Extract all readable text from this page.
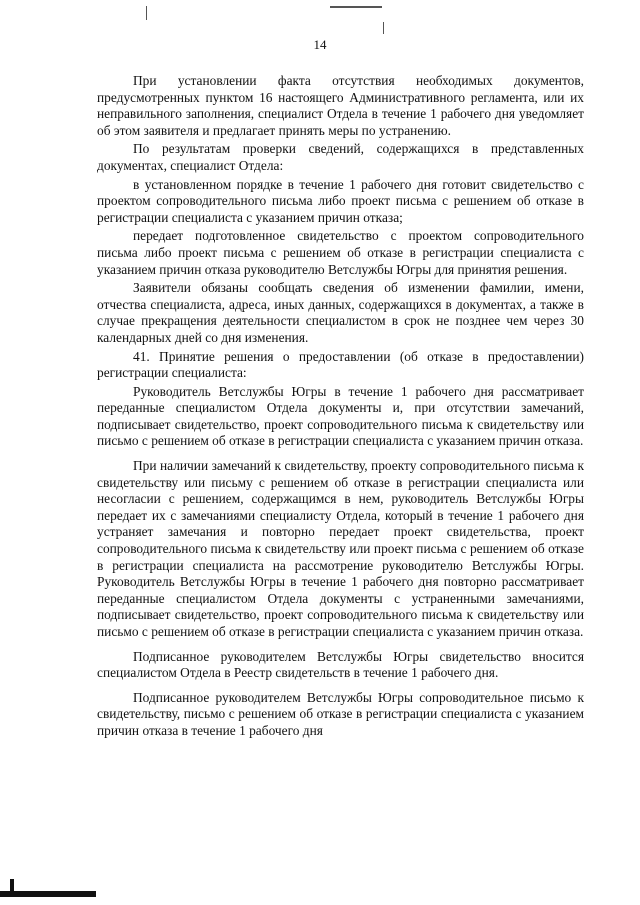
14

При установлении факта отсутствия необходимых документов, предусмотренных пунктом 16 настоящего Административного регламента, или их неправильного заполнения, специалист Отдела в течение 1 рабочего дня уведомляет об этом заявителя и предлагает принять меры по устранению.

По результатам проверки сведений, содержащихся в представленных документах, специалист Отдела:

в установленном порядке в течение 1 рабочего дня готовит свидетельство с проектом сопроводительного письма либо проект письма с решением об отказе в регистрации специалиста с указанием причин отказа;

передает подготовленное свидетельство с проектом сопроводительного письма либо проект письма с решением об отказе в регистрации специалиста с указанием причин отказа руководителю Ветслужбы Югры для принятия решения.

Заявители обязаны сообщать сведения об изменении фамилии, имени, отчества специалиста, адреса, иных данных, содержащихся в документах, а также в случае прекращения деятельности специалистом в срок не позднее чем через 30 календарных дней со дня изменения.

41. Принятие решения о предоставлении (об отказе в предоставлении) регистрации специалиста:

Руководитель Ветслужбы Югры в течение 1 рабочего дня рассматривает переданные специалистом Отдела документы и, при отсутствии замечаний, подписывает свидетельство, проект сопроводительного письма к свидетельству или письмо с решением об отказе в регистрации специалиста с указанием причин отказа.

При наличии замечаний к свидетельству, проекту сопроводительного письма к свидетельству или письму с решением об отказе в регистрации специалиста или несогласии с решением, содержащимся в нем, руководитель Ветслужбы Югры передает их с замечаниями специалисту Отдела, который в течение 1 рабочего дня устраняет замечания и повторно передает проект свидетельства, проект сопроводительного письма к свидетельству или проект письма с решением об отказе в регистрации специалиста на рассмотрение руководителю Ветслужбы Югры. Руководитель Ветслужбы Югры в течение 1 рабочего дня повторно рассматривает переданные специалистом Отдела документы с устраненными замечаниями, подписывает свидетельство, проект сопроводительного письма к свидетельству или письмо с решением об отказе в регистрации специалиста с указанием причин отказа.

Подписанное руководителем Ветслужбы Югры свидетельство вносится специалистом Отдела в Реестр свидетельств в течение 1 рабочего дня.

Подписанное руководителем Ветслужбы Югры сопроводительное письмо к свидетельству, письмо с решением об отказе в регистрации специалиста с указанием причин отказа в течение 1 рабочего дня
